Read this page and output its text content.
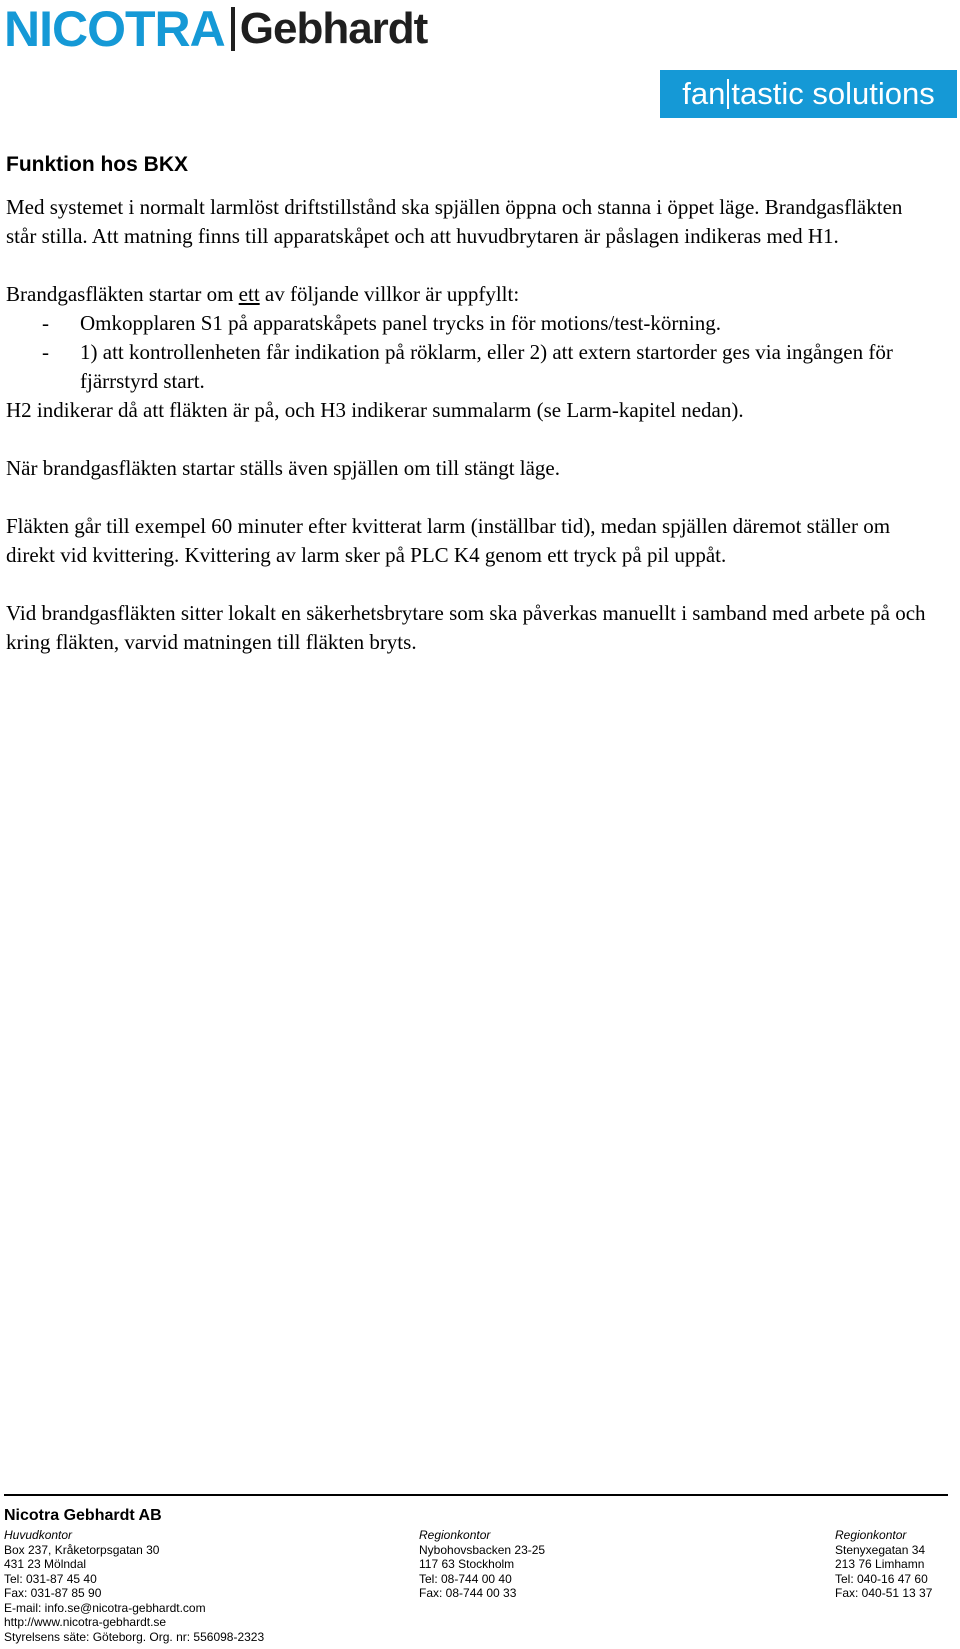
NICOTRA Gebhardt
fan tastic solutions
Funktion hos BKX

Med systemet i normalt larmlöst driftstillstånd ska spjällen öppna och stanna i öppet läge. Brandgasfläkten står stilla. Att matning finns till apparatskåpet och att huvudbrytaren är påslagen indikeras med H1.

Brandgasfläkten startar om ett av följande villkor är uppfyllt:

- Omkopplaren S1 på apparatskåpets panel trycks in för motions/test-körning.
- 1) att kontrollenheten får indikation på röklarm, eller 2) att extern startorder ges via ingången för fjärrstyrd start.

H2 indikerar då att fläkten är på, och H3 indikerar summalarm (se Larm-kapitel nedan).

När brandgasfläkten startar ställs även spjällen om till stängt läge.

Fläkten går till exempel 60 minuter efter kvitterat larm (inställbar tid), medan spjällen däremot ställer om direkt vid kvittering. Kvittering av larm sker på PLC K4 genom ett tryck på pil uppåt.

Vid brandgasfläkten sitter lokalt en säkerhetsbrytare som ska påverkas manuellt i samband med arbete på och kring fläkten, varvid matningen till fläkten bryts.

Nicotra Gebhardt AB
Huvudkontor
Box 237, Kråketorpsgatan 30
431 23 Mölndal
Tel: 031-87 45 40
Fax: 031-87 85 90
E-mail: info.se@nicotra-gebhardt.com
http://www.nicotra-gebhardt.se
Styrelsens säte: Göteborg. Org. nr: 556098-2323
Regionkontor
Nybohovsbacken 23-25
117 63 Stockholm
Tel: 08-744 00 40
Fax: 08-744 00 33
Regionkontor
Stenyxegatan 34
213 76 Limhamn
Tel: 040-16 47 60
Fax: 040-51 13 37
